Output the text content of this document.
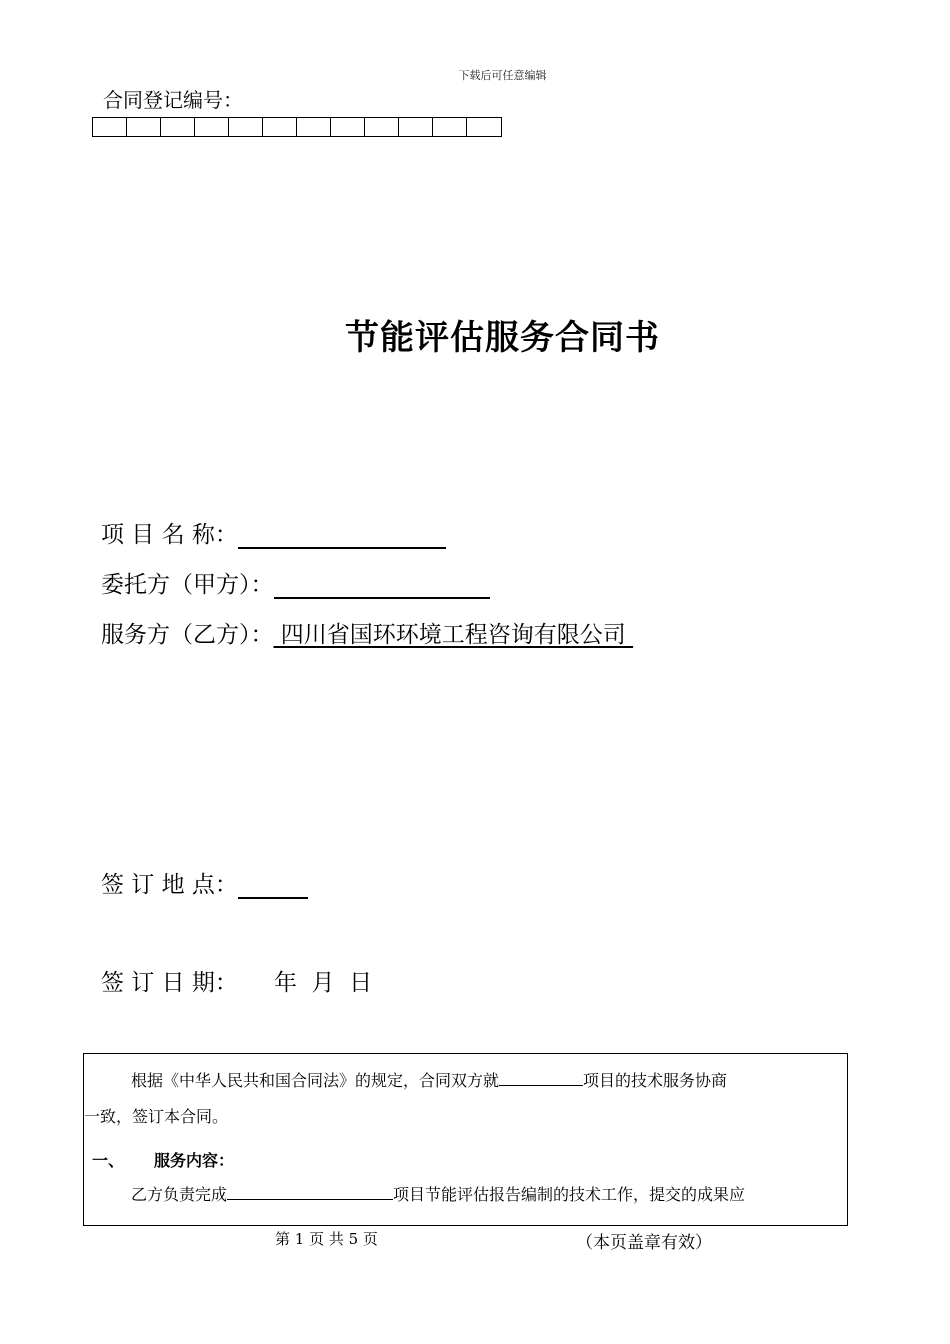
下载后可任意编辑
合同登记编号：
节能评估服务合同书
项 目 名 称：
委托方（甲方）：
服务方（乙方）： 四川省国环环境工程咨询有限公司
签 订 地 点：
签 订 日 期： 年  月  日

根据《中华人民共和国合同法》的规定，合同双方就	项目的技术服务协商

一致，签订本合同。

一、 服务内容：

乙方负责完成	项目节能评估报告编制的技术工作，提交的成果应

第 1 页 共 5 页	（本页盖章有效）
